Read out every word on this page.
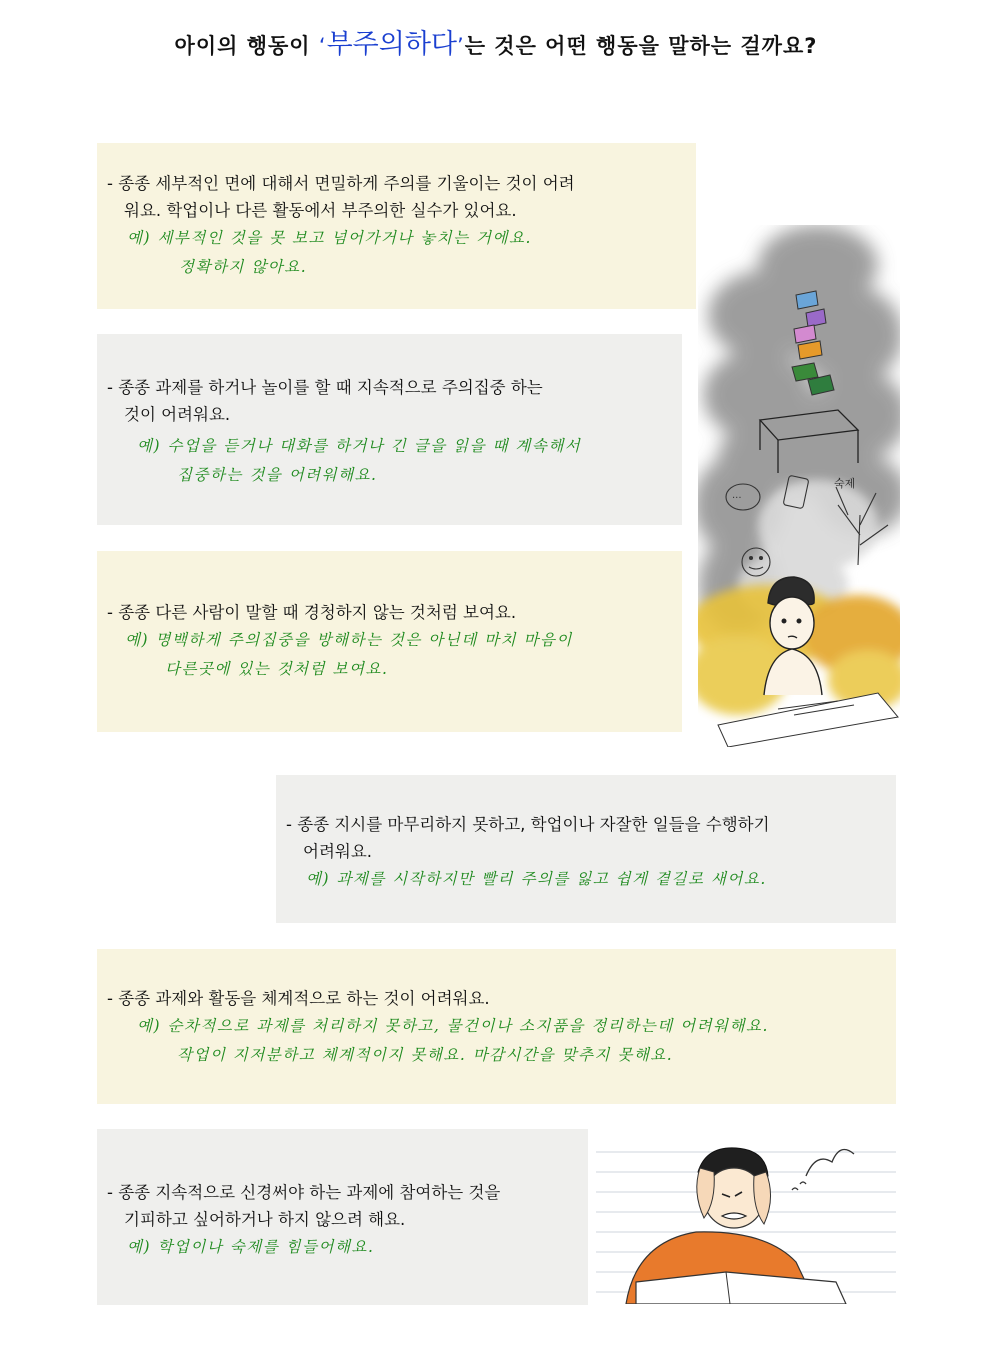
아이의 행동이 ‘부주의하다’는 것은 어떤 행동을 말하는 걸까요?
- 종종 세부적인 면에 대해서 면밀하게 주의를 기울이는 것이 어려
워요. 학업이나 다른 활동에서 부주의한 실수가 있어요.
예) 세부적인 것을 못 보고 넘어가거나 놓치는 거에요.
정확하지 않아요.
- 종종 과제를 하거나 놀이를 할 때 지속적으로 주의집중 하는
것이 어려워요.
예) 수업을 듣거나 대화를 하거나 긴 글을 읽을 때 계속해서
집중하는 것을 어려워해요.
- 종종 다른 사람이 말할 때 경청하지 않는 것처럼 보여요.
예) 명백하게 주의집중을 방해하는 것은 아닌데 마치 마음이
다른곳에 있는 것처럼 보여요.
- 종종 지시를 마무리하지 못하고, 학업이나 자잘한 일들을 수행하기
어려워요.
예) 과제를 시작하지만 빨리 주의를 잃고 쉽게 곁길로 새어요.
- 종종 과제와 활동을 체계적으로 하는 것이 어려워요.
예) 순차적으로 과제를 처리하지 못하고, 물건이나 소지품을 정리하는데 어려워해요.
작업이 지저분하고 체계적이지 못해요. 마감시간을 맞추지 못해요.
- 종종 지속적으로 신경써야 하는 과제에 참여하는 것을
기피하고 싶어하거나 하지 않으려 해요.
예) 학업이나 숙제를 힘들어해요.
···
숙제
